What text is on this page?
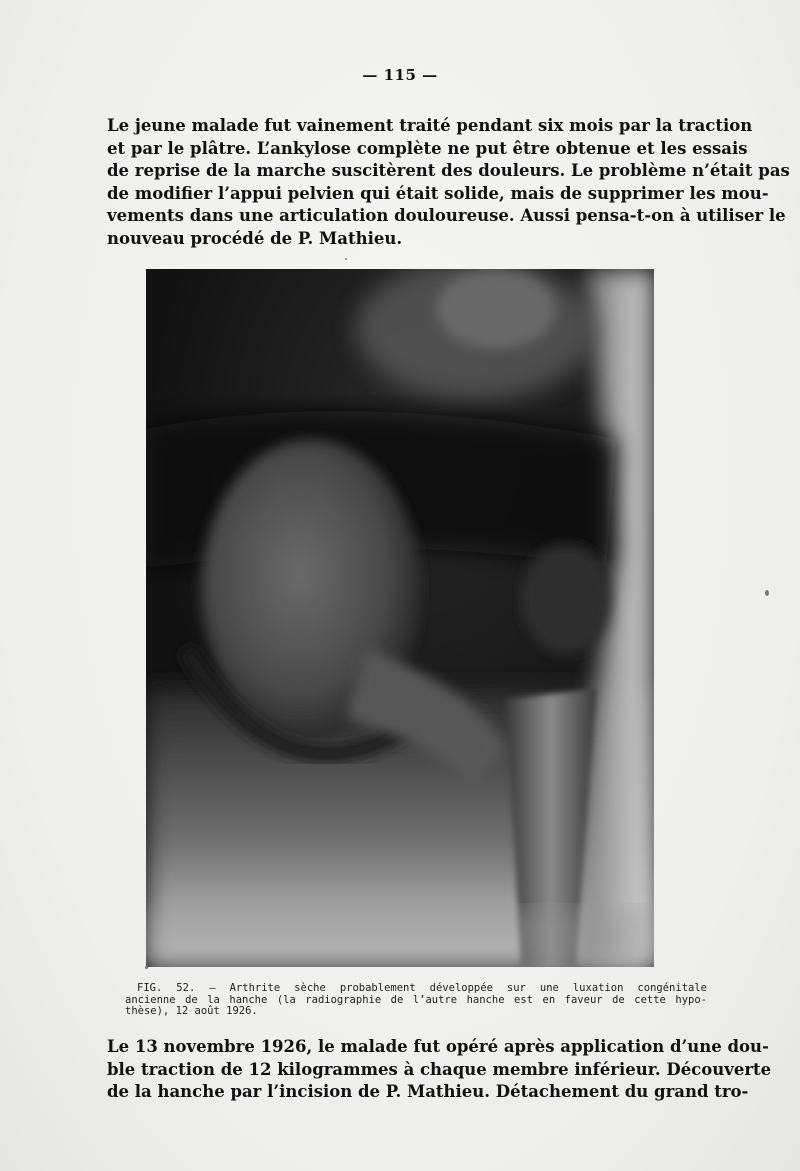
— 115 —
Le jeune malade fut vainement traité pendant six mois par la traction
et par le plâtre. L’ankylose complète ne put être obtenue et les essais
de reprise de la marche suscitèrent des douleurs. Le problème n’était pas
de modifier l’appui pelvien qui était solide, mais de supprimer les mou-
vements dans une articulation douloureuse. Aussi pensa-t-on à utiliser le
nouveau procédé de P. Mathieu.
FIG. 52. — Arthrite sèche probablement développée sur une luxation congénitale
ancienne de la hanche (la radiographie de l’autre hanche est en faveur de cette hypo-
thèse), 12 août 1926.
Le 13 novembre 1926, le malade fut opéré après application d’une dou-
ble traction de 12 kilogrammes à chaque membre inférieur. Découverte
de la hanche par l’incision de P. Mathieu. Détachement du grand tro-
